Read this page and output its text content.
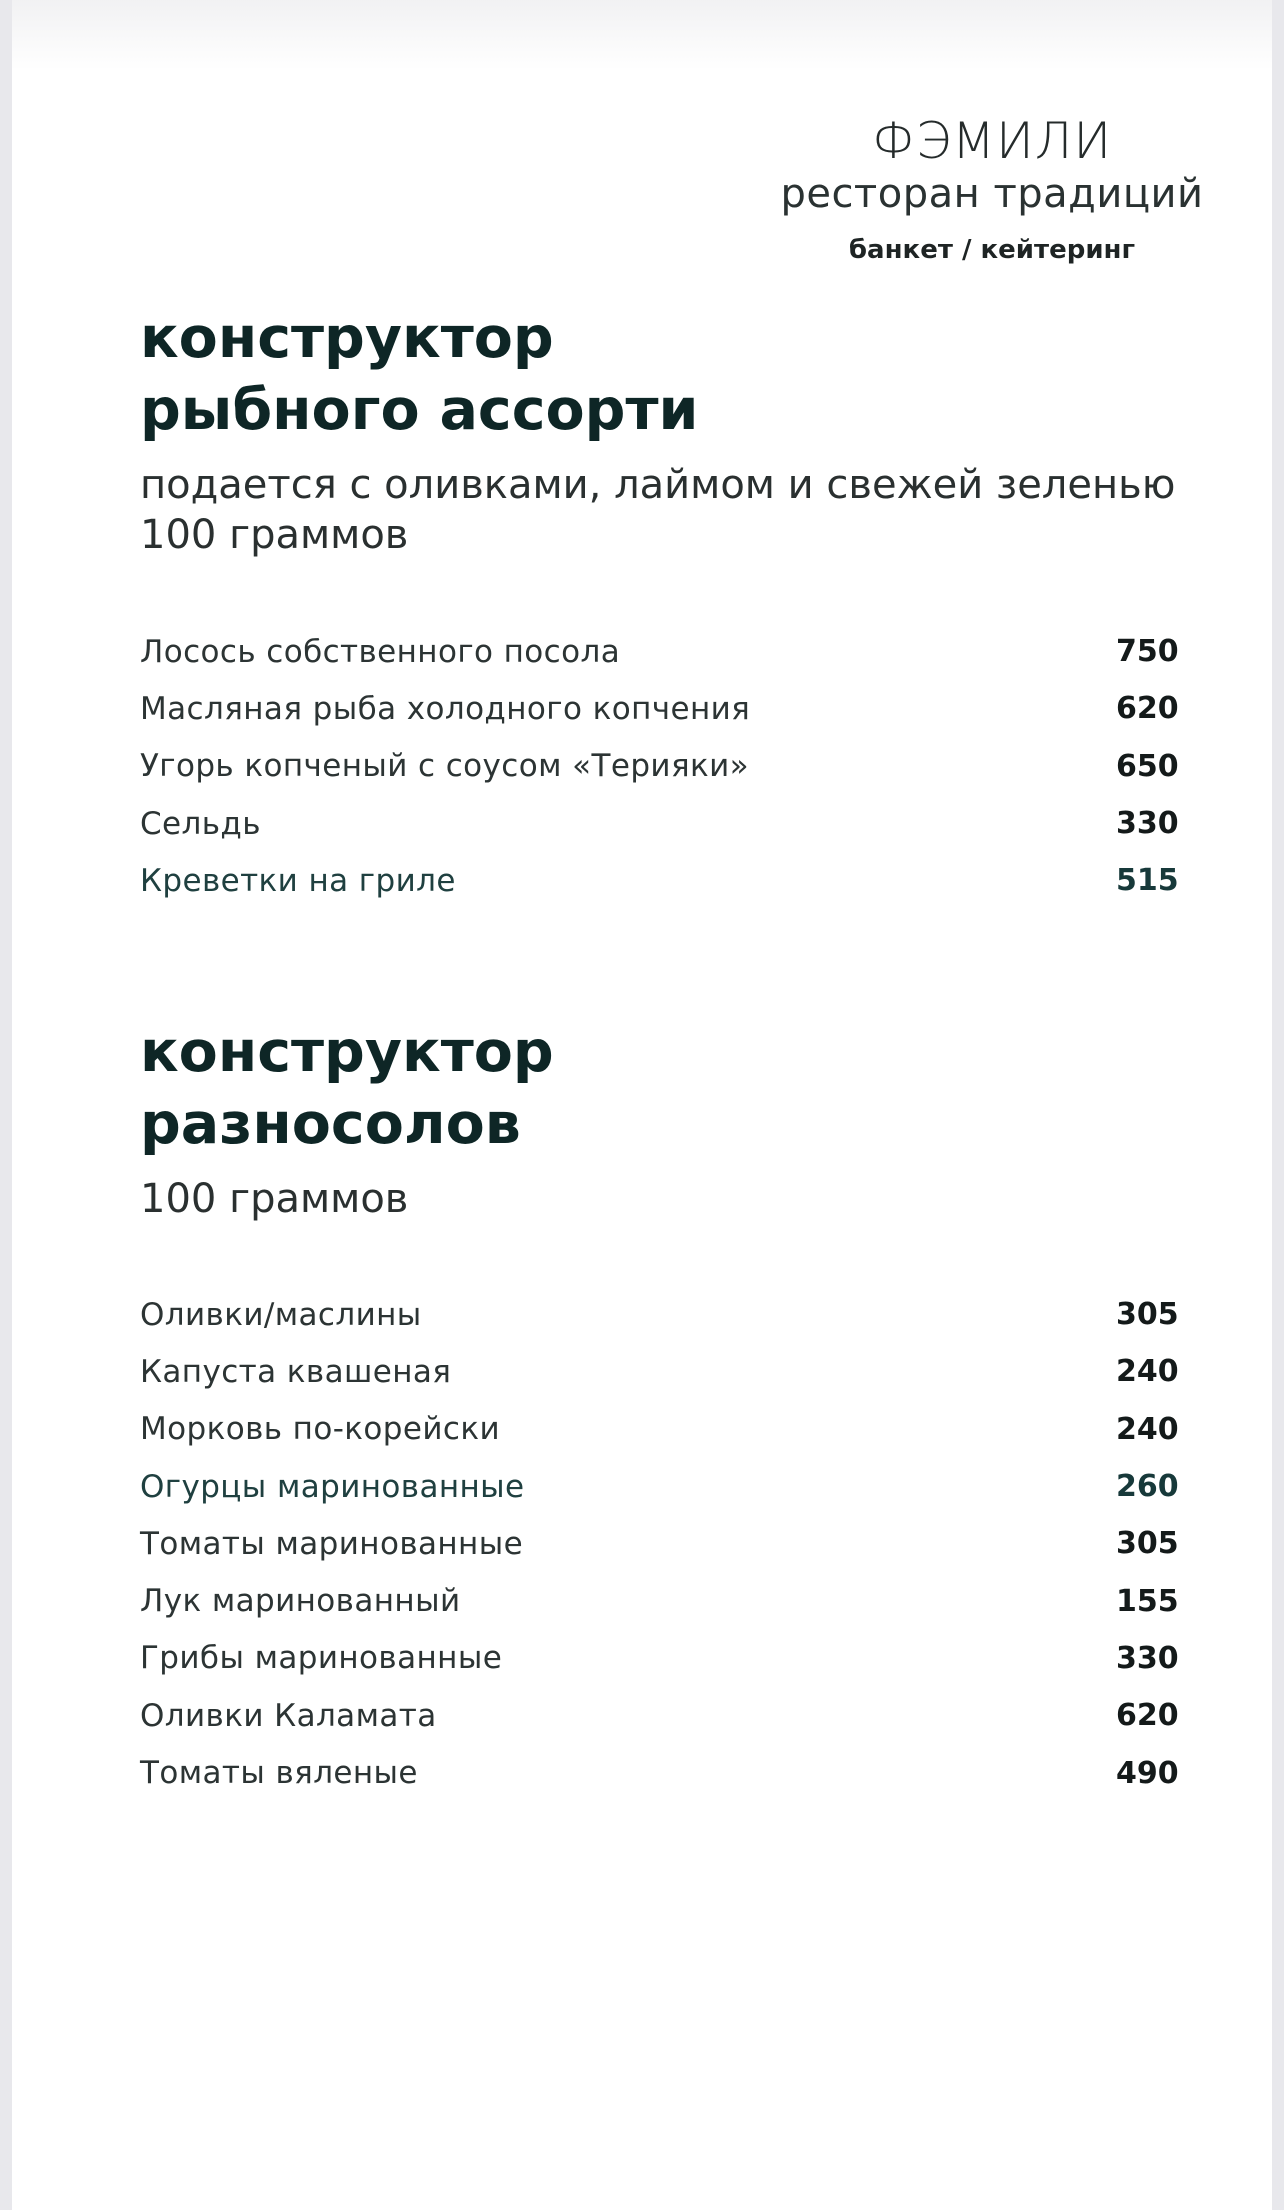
ФЭМИЛИ
ресторан традиций
банкет / кейтеринг
конструктор
рыбного ассорти
подается с оливками, лаймом и свежей зеленью
100 граммов
Лосось собственного посола	750
Масляная рыба холодного копчения	620
Угорь копченый с соусом «Терияки»	650
Сельдь	330
Креветки на гриле	515
конструктор
разносолов
100 граммов
Оливки/маслины	305
Капуста квашеная	240
Морковь по-корейски	240
Огурцы маринованные	260
Томаты маринованные	305
Лук маринованный	155
Грибы маринованные	330
Оливки Каламата	620
Томаты вяленые	490
